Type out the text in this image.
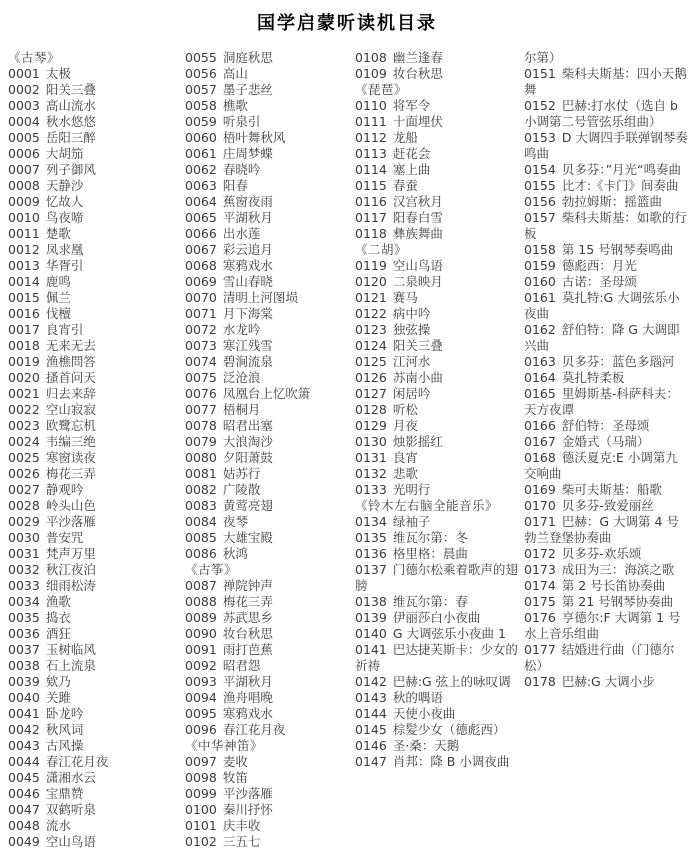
国学启蒙听读机目录
《古琴》
0001 太极
0002 阳关三叠
0003 高山流水
0004 秋水悠悠
0005 岳阳三醉
0006 大胡笳
0007 列子御风
0008 天静沙
0009 忆故人
0010 鸟夜啼
0011 楚歌
0012 凤求凰
0013 华胥引
0014 鹿鸣
0015 佩兰
0016 伐檀
0017 良宵引
0018 无来无去
0019 渔樵問答
0020 搔首问天
0021 归去来辞
0022 空山寂寂
0023 欧鹭忘机
0024 韦编三绝
0025 寒窗读夜
0026 梅花三弄
0027 静观吟
0028 岭头山色
0029 平沙落雁
0030 普安咒
0031 梵声万里
0032 秋江夜泊
0033 细雨松涛
0034 渔歌
0035 捣衣
0036 酒狂
0037 玉树临风
0038 石上流泉
0039 欸乃
0040 关雎
0041 卧龙吟
0042 秋风词
0043 古风操
0044 春江花月夜
0045 潇湘水云
0046 宝鼎赞
0047 双鹤听泉
0048 流水
0049 空山鸟语
0055 洞庭秋思
0056 高山
0057 墨子悲丝
0058 樵歌
0059 听泉引
0060 梧叶舞秋风
0061 庄周梦蝶
0062 春晓吟
0063 阳春
0064 蕉窗夜雨
0065 平湖秋月
0066 出水莲
0067 彩云追月
0068 寒鸦戏水
0069 雪山春晓
0070 清明上河图埙
0071 月下海棠
0072 水龙吟
0073 寒江残雪
0074 碧涧流泉
0075 泛沧浪
0076 凤凰台上忆吹箫
0077 梧桐月
0078 昭君出塞
0079 大浪淘沙
0080 夕阳萧鼓
0081 姑苏行
0082 广陵散
0083 黄莺亮翅
0084 夜琴
0085 大雄宝殿
0086 秋鸿
《古筝》
0087 禅院钟声
0088 梅花三弄
0089 苏武思乡
0090 妆台秋思
0091 雨打芭蕉
0092 昭君怨
0093 平湖秋月
0094 渔舟唱晚
0095 寒鸦戏水
0096 春江花月夜
《中华神笛》
0097 麦收
0098 牧笛
0099 平沙落雁
0100 秦川抒怀
0101 庆丰收
0102 三五七
0108 幽兰逢春
0109 妆台秋思
《琵琶》
0110 将军令
0111 十面埋伏
0112 龙船
0113 赶花会
0114 塞上曲
0115 春蚕
0116 汉宫秋月
0117 阳春白雪
0118 彝族舞曲
《二胡》
0119 空山鸟语
0120 二泉映月
0121 赛马
0122 病中吟
0123 独弦操
0124 阳关三叠
0125 江河水
0126 苏南小曲
0127 闲居吟
0128 听松
0129 月夜
0130 烛影摇红
0131 良宵
0132 悲歌
0133 光明行
《铃木左右脑全能音乐》
0134 绿袖子
0135 维瓦尔第：冬
0136 格里格：晨曲
0137 门德尔松乘着歌声的翅膀
0138 维瓦尔第：春
0139 伊丽莎白小夜曲
0140 G 大调弦乐小夜曲 1
0141 巴达捷芙斯卡：少女的祈祷
0142 巴赫:G 弦上的咏叹调
0143 秋的喁语
0144 天使小夜曲
0145 棕髪少女（德彪西）
0146 圣·桑：天鹅
0147 肖邦：降 B 小调夜曲
尔第）
0151 柴科夫斯基：四小天鹅舞
0152 巴赫:打水仗（选自 b 小调第二号管弦乐组曲）
0153 D 大调四手联弹钢琴奏鸣曲
0154 贝多芬：”月光“鸣奏曲
0155 比才:《卡门》间奏曲
0156 勃拉姆斯：摇篮曲
0157 柴科夫斯基：如歌的行板
0158 第 15 号钢琴奏鸣曲
0159 德彪西：月光
0160 古诺：圣母颂
0161 莫扎特:G 大调弦乐小夜曲
0162 舒伯特：降 G 大调即兴曲
0163 贝多芬：蓝色多瑙河
0164 莫扎特柔板
0165 里姆斯基-科萨科夫：天方夜谭
0166 舒伯特：圣母颂
0167 金婚式（马瑞）
0168 德沃夏克:E 小调第九交响曲
0169 柴可夫斯基：船歌
0170 贝多芬-致爱丽丝
0171 巴赫：G 大调第 4 号勃兰登堡协奏曲
0172 贝多芬-欢乐颂
0173 成田为三：海滨之歌
0174 第 2 号长笛协奏曲
0175 第 21 号钢琴协奏曲
0176 亨德尔:F 大调第 1 号水上音乐组曲
0177 结婚进行曲（门德尔松）
0178 巴赫:G 大调小步
